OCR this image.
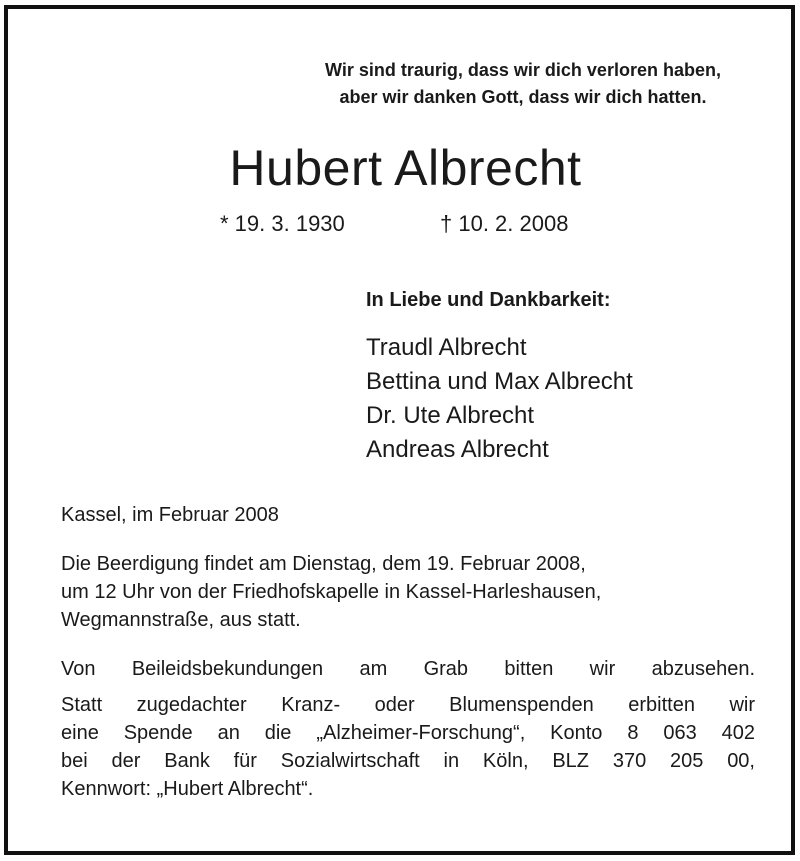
Wir sind traurig, dass wir dich verloren haben,
aber wir danken Gott, dass wir dich hatten.
Hubert Albrecht
* 19. 3. 1930	† 10. 2. 2008
In Liebe und Dankbarkeit:
Traudl Albrecht
Bettina und Max Albrecht
Dr. Ute Albrecht
Andreas Albrecht

Kassel, im Februar 2008

Die Beerdigung findet am Dienstag, dem 19. Februar 2008,
um 12 Uhr von der Friedhofskapelle in Kassel-Harleshausen,
Wegmannstraße, aus statt.

Von Beileidsbekundungen am Grab bitten wir abzusehen.

Statt zugedachter Kranz- oder Blumenspenden erbitten wir
eine Spende an die „Alzheimer-Forschung“, Konto 8 063 402
bei der Bank für Sozialwirtschaft in Köln, BLZ 370 205 00,
Kennwort: „Hubert Albrecht“.
